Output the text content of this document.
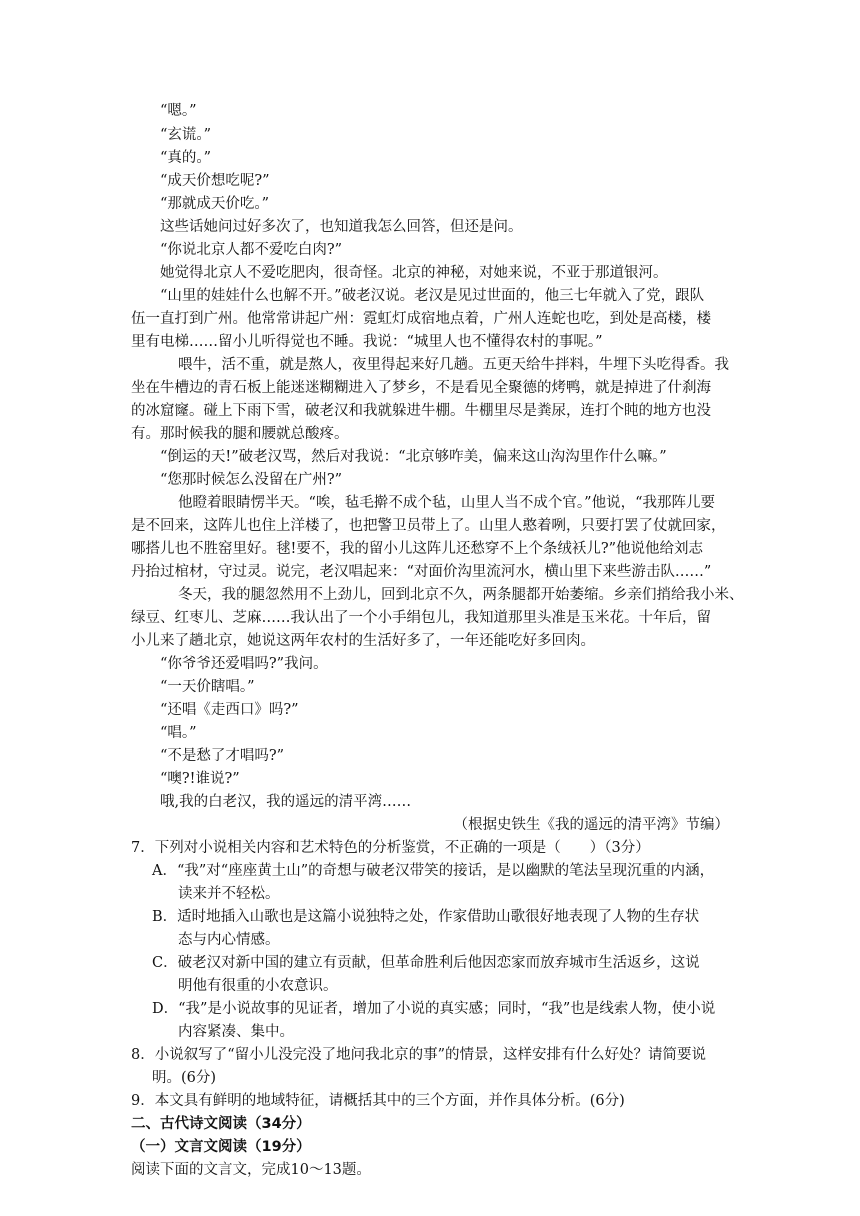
“嗯。”
“玄谎。”
“真的。”
“成天价想吃呢?”
“那就成天价吃。”
这些话她问过好多次了，也知道我怎么回答，但还是问。
“你说北京人都不爱吃白肉?”
她觉得北京人不爱吃肥肉，很奇怪。北京的神秘，对她来说，不亚于那道银河。
“山里的娃娃什么也解不开。”破老汉说。老汉是见过世面的，他三七年就入了党，跟队
伍一直打到广州。他常常讲起广州：霓虹灯成宿地点着，广州人连蛇也吃，到处是高楼，楼
里有电梯……留小儿听得觉也不睡。我说：“城里人也不懂得农村的事呢。”
喂牛，活不重，就是熬人，夜里得起来好几趟。五更天给牛拌料，牛埋下头吃得香。我
坐在牛槽边的青石板上能迷迷糊糊进入了梦乡，不是看见全聚德的烤鸭，就是掉进了什刹海
的冰窟窿。碰上下雨下雪，破老汉和我就躲进牛棚。牛棚里尽是粪尿，连打个盹的地方也没
有。那时候我的腿和腰就总酸疼。
“倒运的天!”破老汉骂，然后对我说：“北京够咋美，偏来这山沟沟里作什么嘛。”
“您那时候怎么没留在广州?”
他瞪着眼睛愣半天。“唉，毡毛擀不成个毡，山里人当不成个官。”他说，“我那阵儿要
是不回来，这阵儿也住上洋楼了，也把警卫员带上了。山里人憨着咧，只要打罢了仗就回家，
哪搭儿也不胜窑里好。毬!要不，我的留小儿这阵儿还愁穿不上个条绒袄儿?”他说他给刘志
丹抬过棺材，守过灵。说完，老汉唱起来：“对面价沟里流河水，横山里下来些游击队……”
冬天，我的腿忽然用不上劲儿，回到北京不久，两条腿都开始萎缩。乡亲们捎给我小米、
绿豆、红枣儿、芝麻……我认出了一个小手绢包儿，我知道那里头准是玉米花。十年后，留
小儿来了趟北京，她说这两年农村的生活好多了，一年还能吃好多回肉。
“你爷爷还爱唱吗?”我问。
“一天价瞎唱。”
“还唱《走西口》吗?”
“唱。”
“不是愁了才唱吗?”
“噢?!谁说?”
哦,我的白老汉，我的遥远的清平湾……
（根据史铁生《我的遥远的清平湾》节编）
7．下列对小说相关内容和艺术特色的分析鉴赏，不正确的一项是（　　）（3分）
A．“我”对“座座黄土山”的奇想与破老汉带笑的接话，是以幽默的笔法呈现沉重的内涵，
读来并不轻松。
B．适时地插入山歌也是这篇小说独特之处，作家借助山歌很好地表现了人物的生存状
态与内心情感。
C．破老汉对新中国的建立有贡献，但革命胜利后他因恋家而放弃城市生活返乡，这说
明他有很重的小农意识。
D．“我”是小说故事的见证者，增加了小说的真实感；同时，“我”也是线索人物，使小说
内容紧凑、集中。
8．小说叙写了“留小儿没完没了地问我北京的事”的情景，这样安排有什么好处？请简要说
明。(6分)
9．本文具有鲜明的地域特征，请概括其中的三个方面，并作具体分析。(6分)
二、古代诗文阅读（34分）
（一）文言文阅读（19分）
阅读下面的文言文，完成10～13题。
